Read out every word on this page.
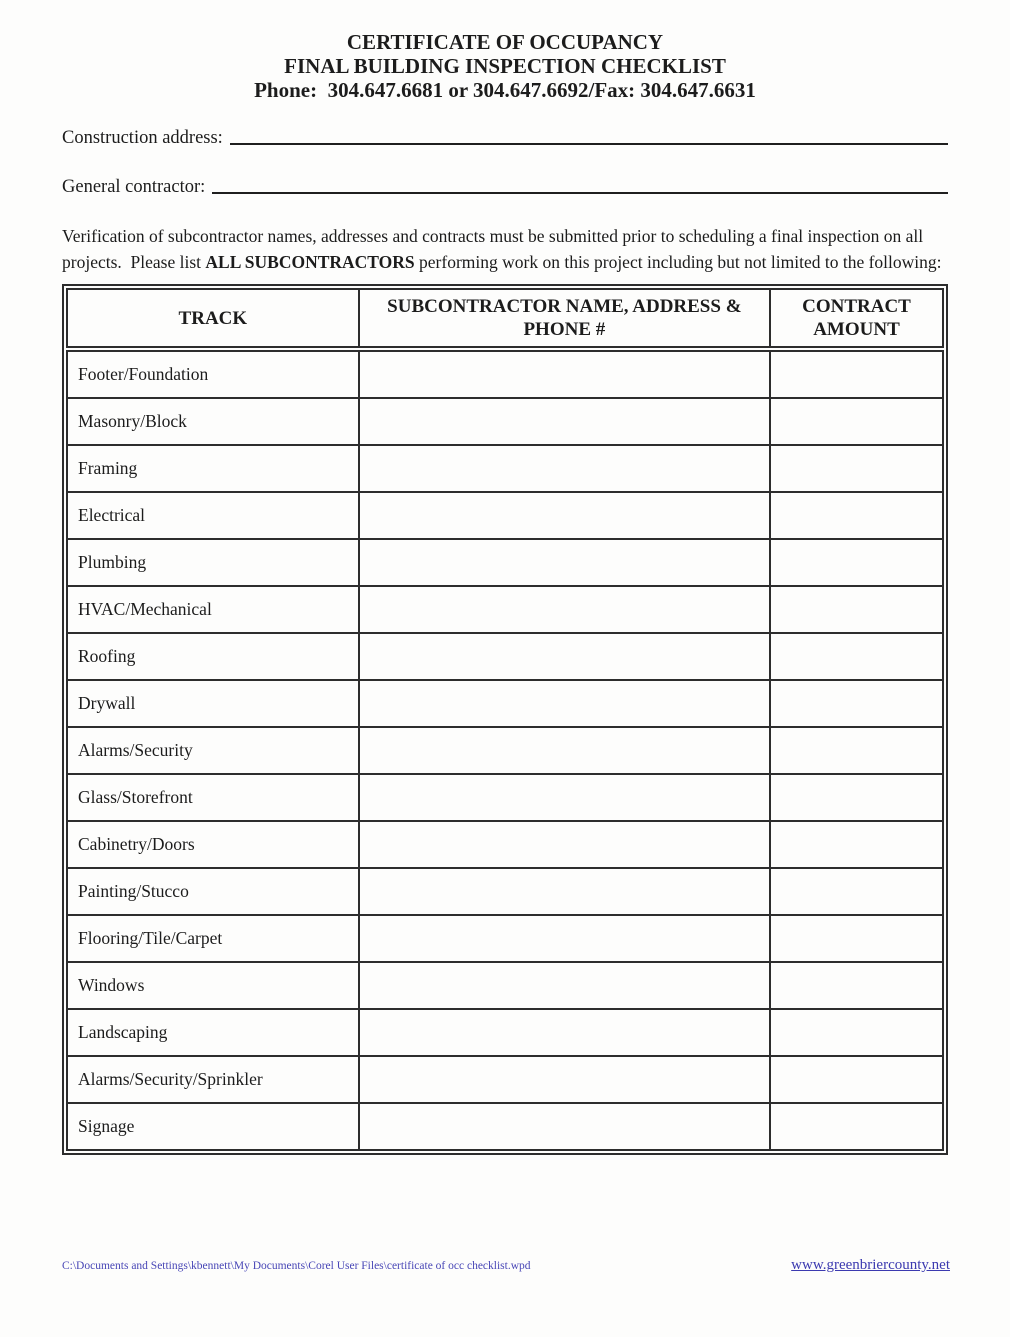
CERTIFICATE OF OCCUPANCY
FINAL BUILDING INSPECTION CHECKLIST
Phone:  304.647.6681 or 304.647.6692/Fax: 304.647.6631
Construction address:
General contractor:

Verification of subcontractor names, addresses and contracts must be submitted prior to scheduling a final inspection on all projects.  Please list ALL SUBCONTRACTORS performing work on this project including but not limited to the following:

TRACK	SUBCONTRACTOR NAME, ADDRESS & PHONE #	CONTRACT AMOUNT
Footer/Foundation		
Masonry/Block		
Framing		
Electrical		
Plumbing		
HVAC/Mechanical		
Roofing		
Drywall		
Alarms/Security		
Glass/Storefront		
Cabinetry/Doors		
Painting/Stucco		
Flooring/Tile/Carpet		
Windows		
Landscaping		
Alarms/Security/Sprinkler		
Signage		
C:\Documents and Settings\kbennett\My Documents\Corel User Files\certificate of occ checklist.wpd	www.greenbriercounty.net
